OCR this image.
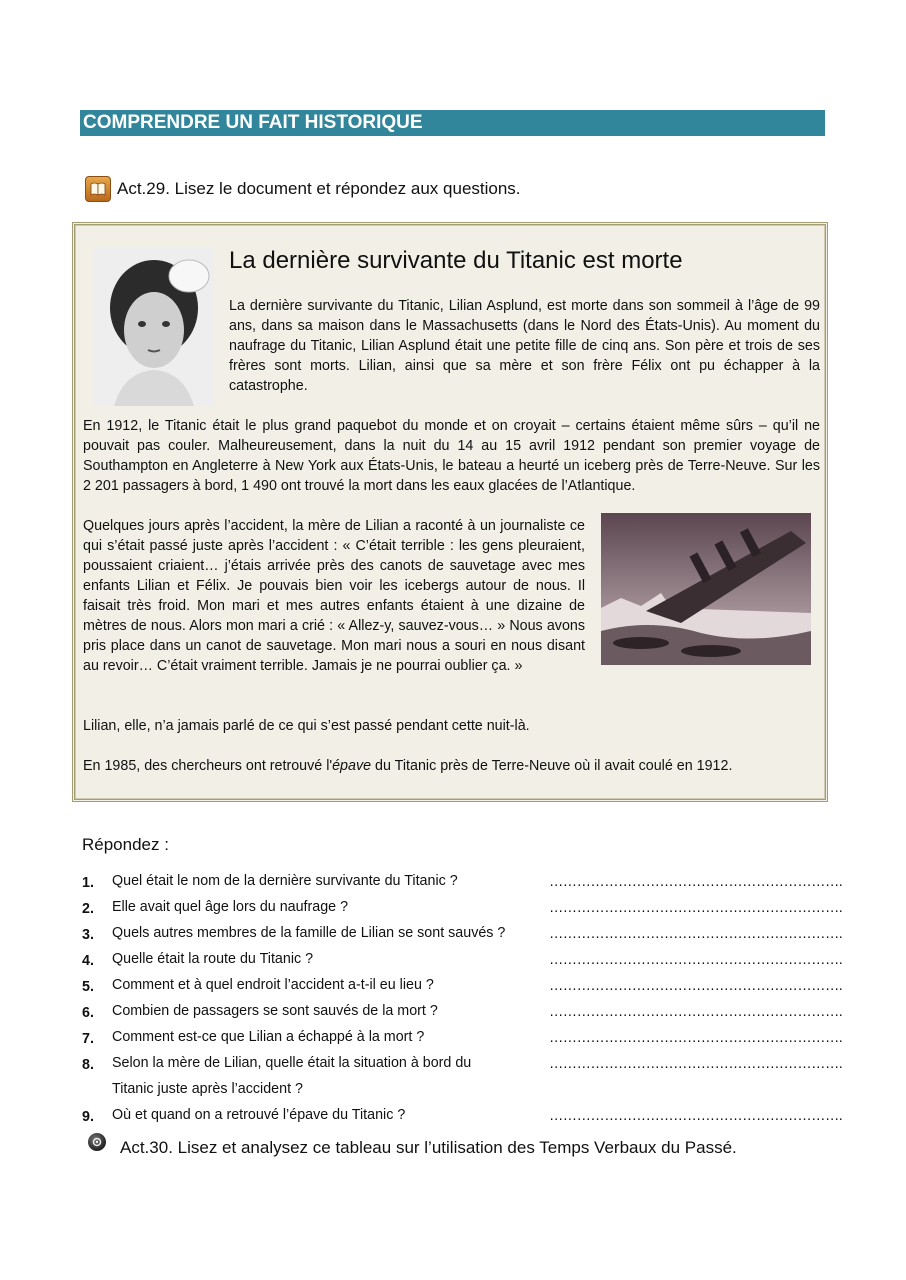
COMPRENDRE UN FAIT HISTORIQUE
Act.29. Lisez le document et répondez aux questions.
La dernière survivante du Titanic est morte
La dernière survivante du Titanic, Lilian Asplund, est morte dans son sommeil à l’âge de 99 ans, dans sa maison dans le Massachusetts (dans le Nord des États-Unis). Au moment du naufrage du Titanic, Lilian Asplund était une petite fille de cinq ans. Son père et trois de ses frères sont morts. Lilian, ainsi que sa mère et son frère Félix ont pu échapper à la catastrophe.
En 1912, le Titanic était le plus grand paquebot du monde et on croyait – certains étaient même sûrs – qu’il ne pouvait pas couler. Malheureusement, dans la nuit du 14 au 15 avril 1912 pendant son premier voyage de Southampton en Angleterre à New York aux États-Unis, le bateau a heurté un iceberg près de Terre-Neuve. Sur les 2 201 passagers à bord, 1 490 ont trouvé la mort dans les eaux glacées de l’Atlantique.
Quelques jours après l’accident, la mère de Lilian a raconté à un journaliste ce qui s’était passé juste après l’accident : « C’était terrible : les gens pleuraient, poussaient criaient… j’étais arrivée près des canots de sauvetage avec mes enfants Lilian et Félix. Je pouvais bien voir les icebergs autour de nous. Il faisait très froid. Mon mari et mes autres enfants étaient à une dizaine de mètres de nous. Alors mon mari a crié : « Allez-y, sauvez-vous… » Nous avons pris place dans un canot de sauvetage. Mon mari nous a souri en nous disant au revoir… C’était vraiment terrible. Jamais je ne pourrai oublier ça. »
Lilian, elle, n’a jamais parlé de ce qui s’est passé pendant cette nuit-là.
En 1985, des chercheurs ont retrouvé l'épave du Titanic près de Terre-Neuve où il avait coulé en 1912.
Répondez :
1. Quel était le nom de la dernière survivante du Titanic ?	……………………………………………………….
2. Elle avait quel âge lors du naufrage ?	……………………………………………………….
3. Quels autres membres de la famille de Lilian se sont sauvés ?	……………………………………………………….
4. Quelle était la route du Titanic ?	……………………………………………………….
5. Comment et à quel endroit l’accident a-t-il eu lieu ?	……………………………………………………….
6. Combien de passagers se sont sauvés de la mort ?	……………………………………………………….
7. Comment est-ce que Lilian a échappé à la mort ?	……………………………………………………….
8. Selon la mère de Lilian, quelle était la situation à bord du Titanic juste après l’accident ?
……………………………………………………….
9. Où et quand on a retrouvé l’épave du Titanic ?	……………………………………………………….
Act.30. Lisez et analysez ce tableau sur l’utilisation des Temps Verbaux du Passé.
